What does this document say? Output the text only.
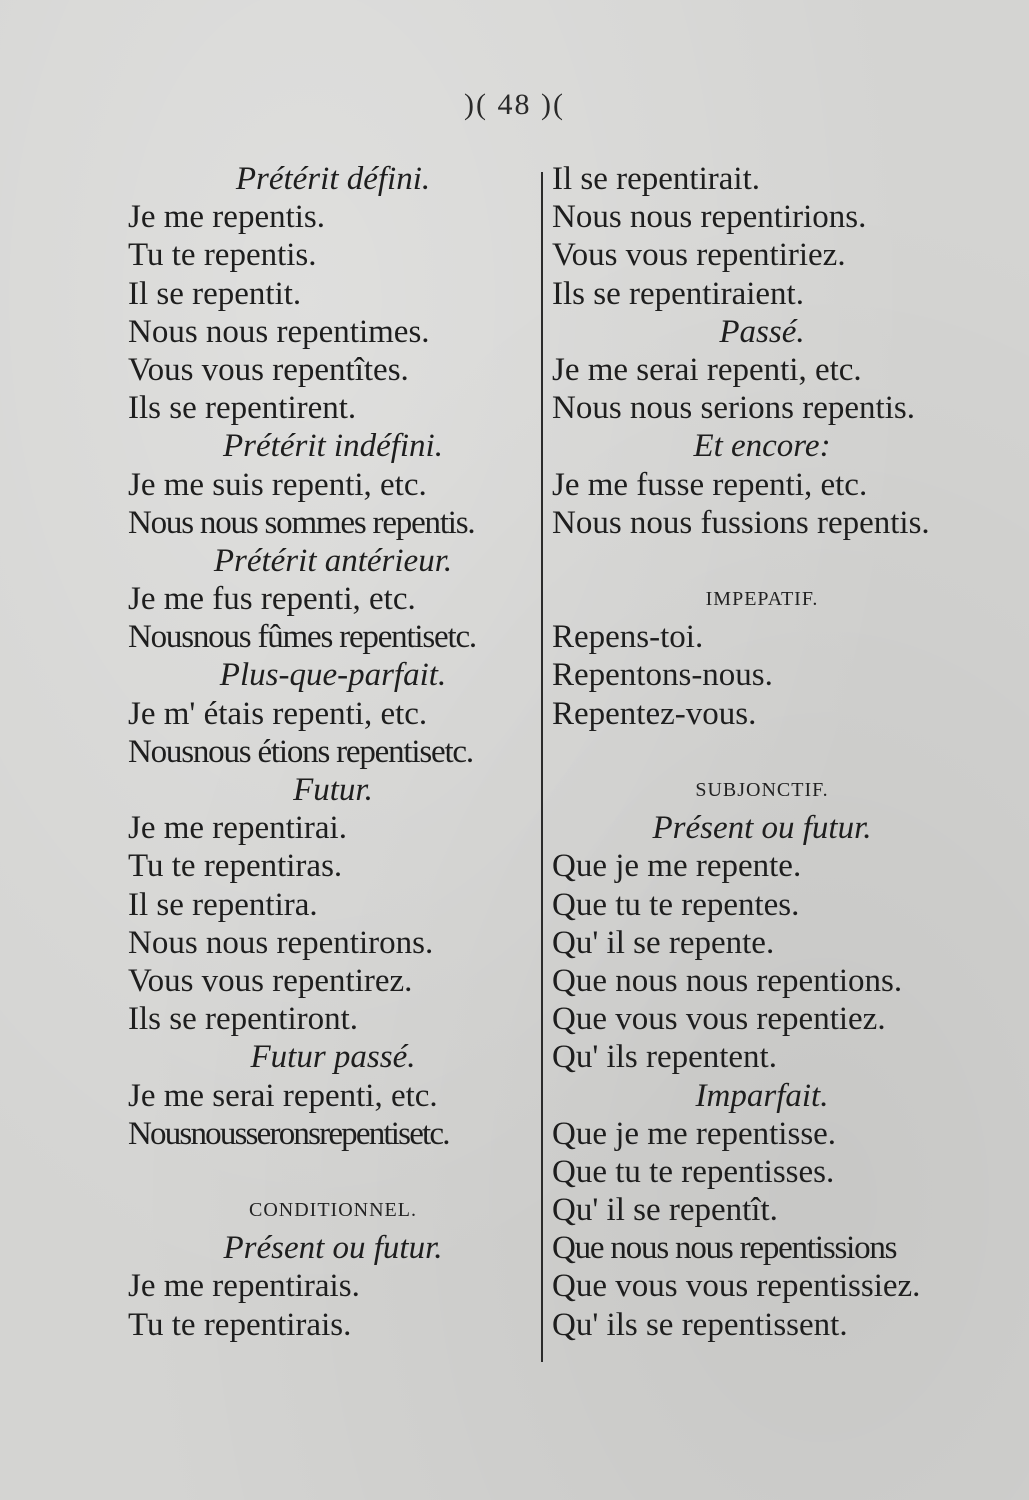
)( 48 )(
Prétérit défini.
Je me repentis.
Tu te repentis.
Il se repentit.
Nous nous repentimes.
Vous vous repentîtes.
Ils se repentirent.
Prétérit indéfini.
Je me suis repenti, etc.
Nous nous sommes repentis.
Prétérit antérieur.
Je me fus repenti, etc.
Nousnous fûmes repentisetc.
Plus-que-parfait.
Je m' étais repenti, etc.
Nousnous étions repentisetc.
Futur.
Je me repentirai.
Tu te repentiras.
Il se repentira.
Nous nous repentirons.
Vous vous repentirez.
Ils se repentiront.
Futur passé.
Je me serai repenti, etc.
Nousnousseronsrepentisetc.
CONDITIONNEL.
Présent ou futur.
Je me repentirais.
Tu te repentirais.
Il se repentirait.
Nous nous repentirions.
Vous vous repentiriez.
Ils se repentiraient.
Passé.
Je me serai repenti, etc.
Nous nous serions repentis.
Et encore:
Je me fusse repenti, etc.
Nous nous fussions repentis.
IMPEPATIF.
Repens-toi.
Repentons-nous.
Repentez-vous.
SUBJONCTIF.
Présent ou futur.
Que je me repente.
Que tu te repentes.
Qu' il se repente.
Que nous nous repentions.
Que vous vous repentiez.
Qu' ils repentent.
Imparfait.
Que je me repentisse.
Que tu te repentisses.
Qu' il se repentît.
Que nous nous repentissions
Que vous vous repentissiez.
Qu' ils se repentissent.
